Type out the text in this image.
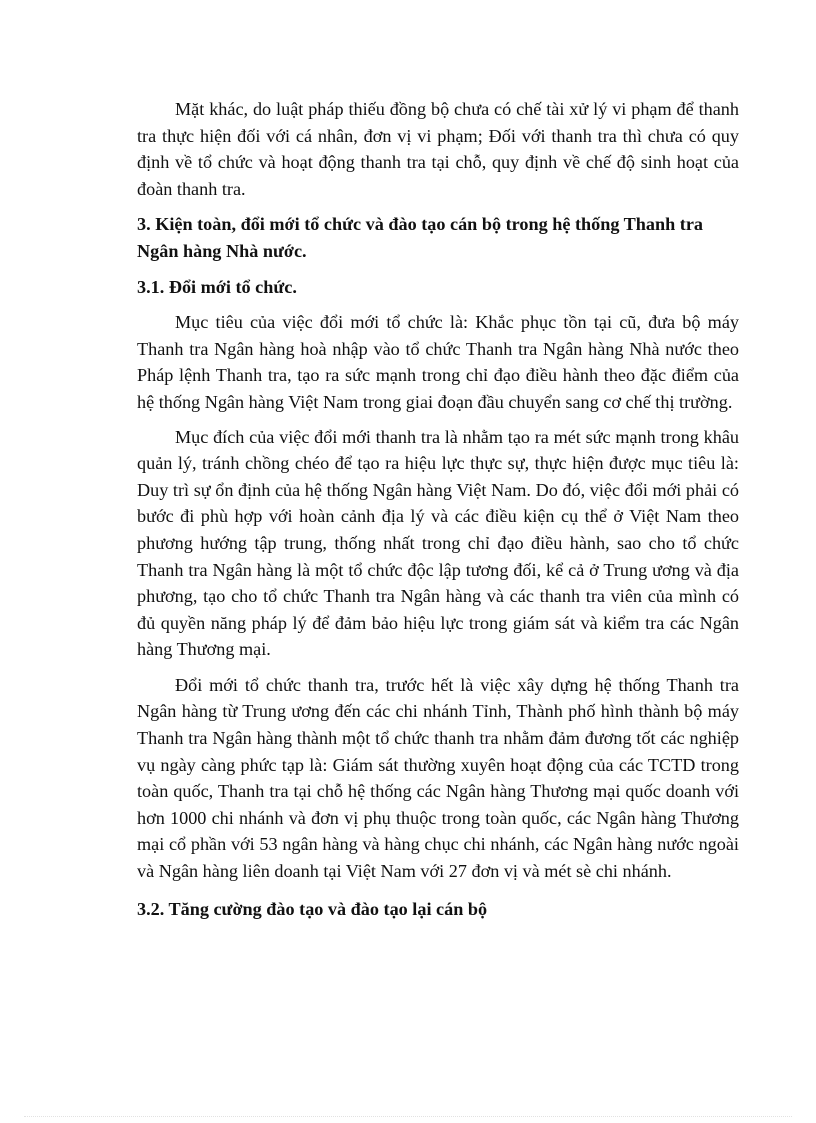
Mặt khác, do luật pháp thiếu đồng bộ chưa có chế tài xử lý vi phạm để thanh tra thực hiện đối với cá nhân, đơn vị vi phạm; Đối với thanh tra thì chưa có quy định về tổ chức và hoạt động thanh tra tại chỗ, quy định về chế độ sinh hoạt của đoàn thanh tra.

3. Kiện toàn, đổi mới tổ chức và đào tạo cán bộ trong hệ thống Thanh tra Ngân hàng Nhà nước.
3.1. Đổi mới tổ chức.

Mục tiêu của việc đổi mới tổ chức là: Khắc phục tồn tại cũ, đưa bộ máy Thanh tra Ngân hàng hoà nhập vào tổ chức Thanh tra Ngân hàng Nhà nước theo Pháp lệnh Thanh tra, tạo ra sức mạnh trong chỉ đạo điều hành theo đặc điểm của hệ thống Ngân hàng Việt Nam trong giai đoạn đầu chuyển sang cơ chế thị trường.

Mục đích của việc đổi mới thanh tra là nhằm tạo ra mét sức mạnh trong khâu quản lý, tránh chồng chéo để tạo ra hiệu lực thực sự, thực hiện được mục tiêu là: Duy trì sự ổn định của hệ thống Ngân hàng Việt Nam. Do đó, việc đổi mới phải có bước đi phù hợp với hoàn cảnh địa lý và các điều kiện cụ thể ở Việt Nam theo phương hướng tập trung, thống nhất trong chỉ đạo điều hành, sao cho tổ chức Thanh tra Ngân hàng là một tổ chức độc lập tương đối, kể cả ở Trung ương và địa phương, tạo cho tổ chức Thanh tra Ngân hàng và các thanh tra viên của mình có đủ quyền năng pháp lý để đảm bảo hiệu lực trong giám sát và kiểm tra các Ngân hàng Thương mại.

Đổi mới tổ chức thanh tra, trước hết là việc xây dựng hệ thống Thanh tra Ngân hàng từ Trung ương đến các chi nhánh Tỉnh, Thành phố hình thành bộ máy Thanh tra Ngân hàng thành một tổ chức thanh tra nhằm đảm đương tốt các nghiệp vụ ngày càng phức tạp là: Giám sát thường xuyên hoạt động của các TCTD trong toàn quốc, Thanh tra tại chỗ hệ thống các Ngân hàng Thương mại quốc doanh với hơn 1000 chi nhánh và đơn vị phụ thuộc trong toàn quốc, các Ngân hàng Thương mại cổ phần với 53 ngân hàng và hàng chục chi nhánh, các Ngân hàng nước ngoài và Ngân hàng liên doanh tại Việt Nam với 27 đơn vị và mét sè chi nhánh.

3.2. Tăng cường đào tạo và đào tạo lại cán bộ
